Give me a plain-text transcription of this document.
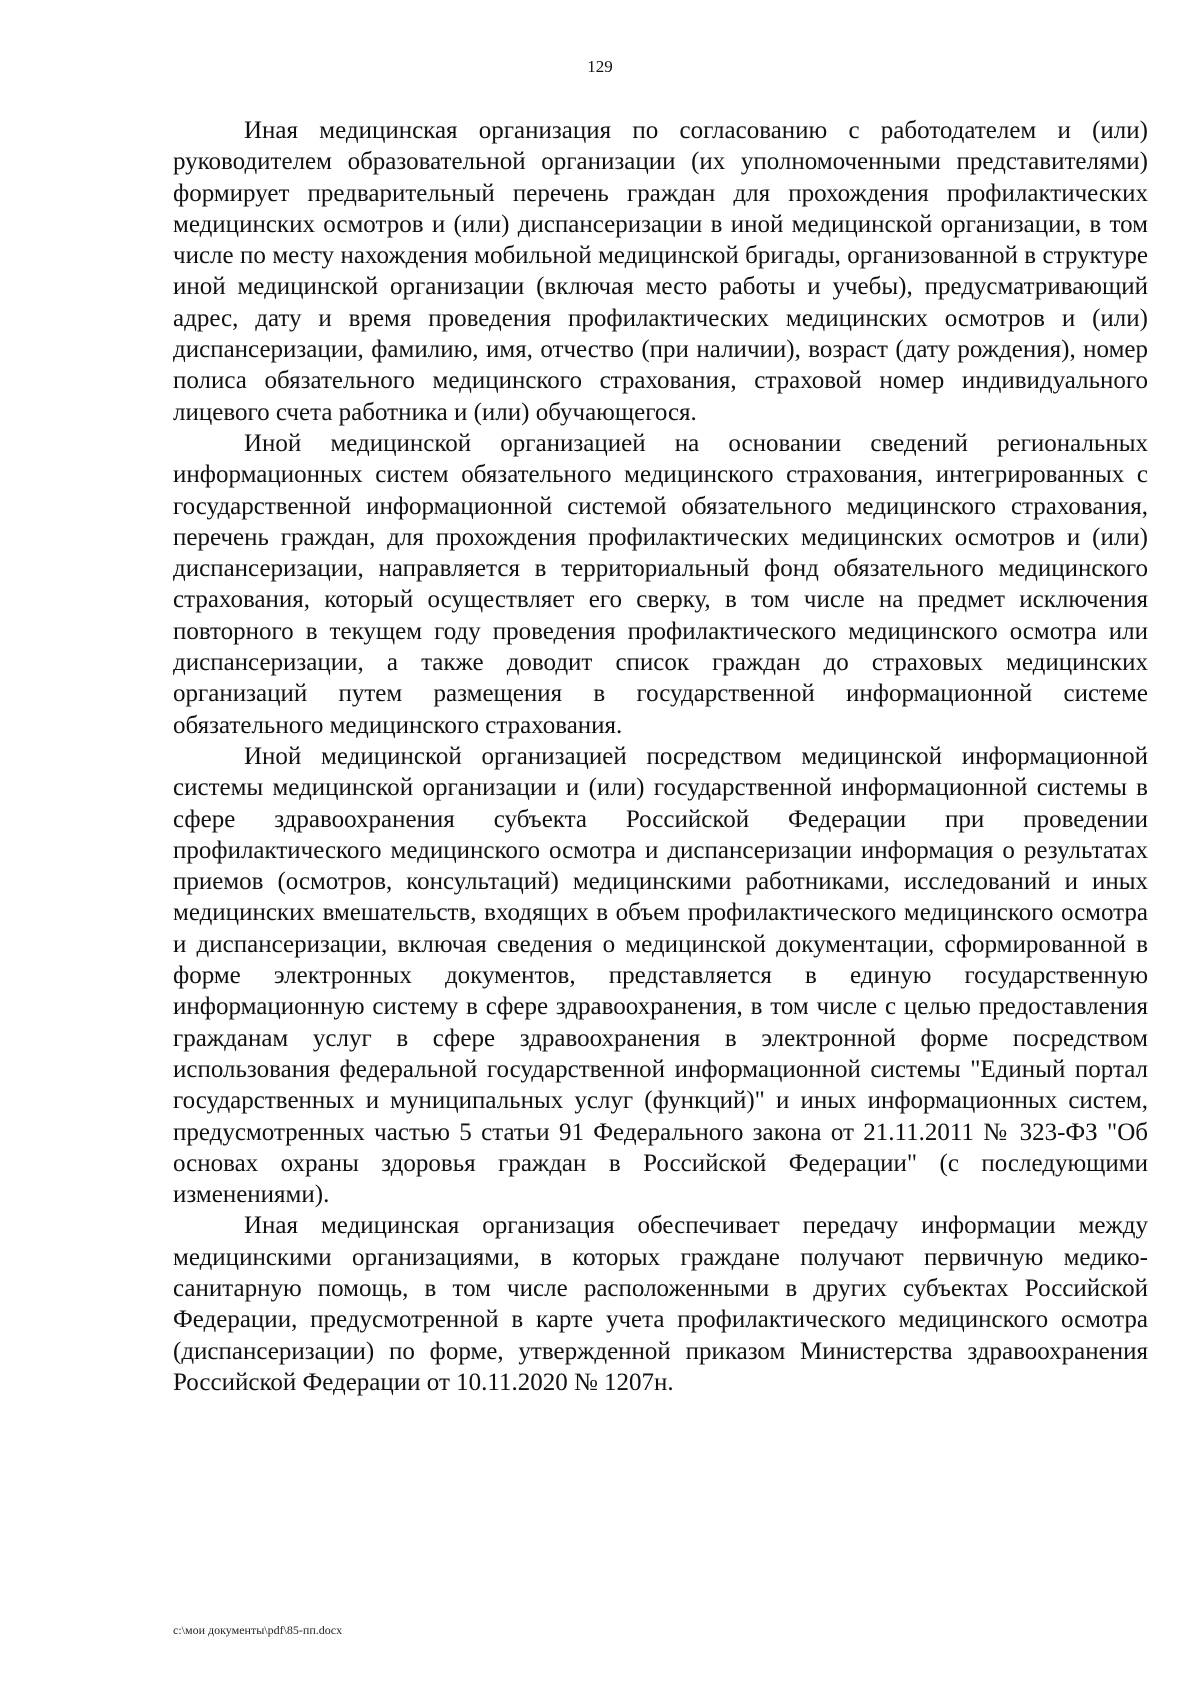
129

Иная медицинская организация по согласованию с работодателем и (или) руководителем образовательной организации (их уполномоченными представителями) формирует предварительный перечень граждан для прохождения профилактических медицинских осмотров и (или) диспансеризации в иной медицинской организации, в том числе по месту нахождения мобильной медицинской бригады, организованной в структуре иной медицинской организации (включая место работы и учебы), предусматривающий адрес, дату и время проведения профилактических медицинских осмотров и (или) диспансеризации, фамилию, имя, отчество (при наличии), возраст (дату рождения), номер полиса обязательного медицинского страхования, страховой номер индивидуального лицевого счета работника и (или) обучающегося.

Иной медицинской организацией на основании сведений региональных информационных систем обязательного медицинского страхования, интегрированных с государственной информационной системой обязательного медицинского страхования, перечень граждан, для прохождения профилактических медицинских осмотров и (или) диспансеризации, направляется в территориальный фонд обязательного медицинского страхования, который осуществляет его сверку, в том числе на предмет исключения повторного в текущем году проведения профилактического медицинского осмотра или диспансеризации, а также доводит список граждан до страховых медицинских организаций путем размещения в государственной информационной системе обязательного медицинского страхования.

Иной медицинской организацией посредством медицинской информационной системы медицинской организации и (или) государственной информационной системы в сфере здравоохранения субъекта Российской Федерации при проведении профилактического медицинского осмотра и диспансеризации информация о результатах приемов (осмотров, консультаций) медицинскими работниками, исследований и иных медицинских вмешательств, входящих в объем профилактического медицинского осмотра и диспансеризации, включая сведения о медицинской документации, сформированной в форме электронных документов, представляется в единую государственную информационную систему в сфере здравоохранения, в том числе с целью предоставления гражданам услуг в сфере здравоохранения в электронной форме посредством использования федеральной государственной информационной системы "Единый портал государственных и муниципальных услуг (функций)" и иных информационных систем, предусмотренных частью 5 статьи 91 Федерального закона от 21.11.2011 № 323-ФЗ "Об основах охраны здоровья граждан в Российской Федерации" (с последующими изменениями).

Иная медицинская организация обеспечивает передачу информации между медицинскими организациями, в которых граждане получают первичную медико-санитарную помощь, в том числе расположенными в других субъектах Российской Федерации, предусмотренной в карте учета профилактического медицинского осмотра (диспансеризации) по форме, утвержденной приказом Министерства здравоохранения Российской Федерации от 10.11.2020 № 1207н.

c:\мои документы\pdf\85-пп.docx
